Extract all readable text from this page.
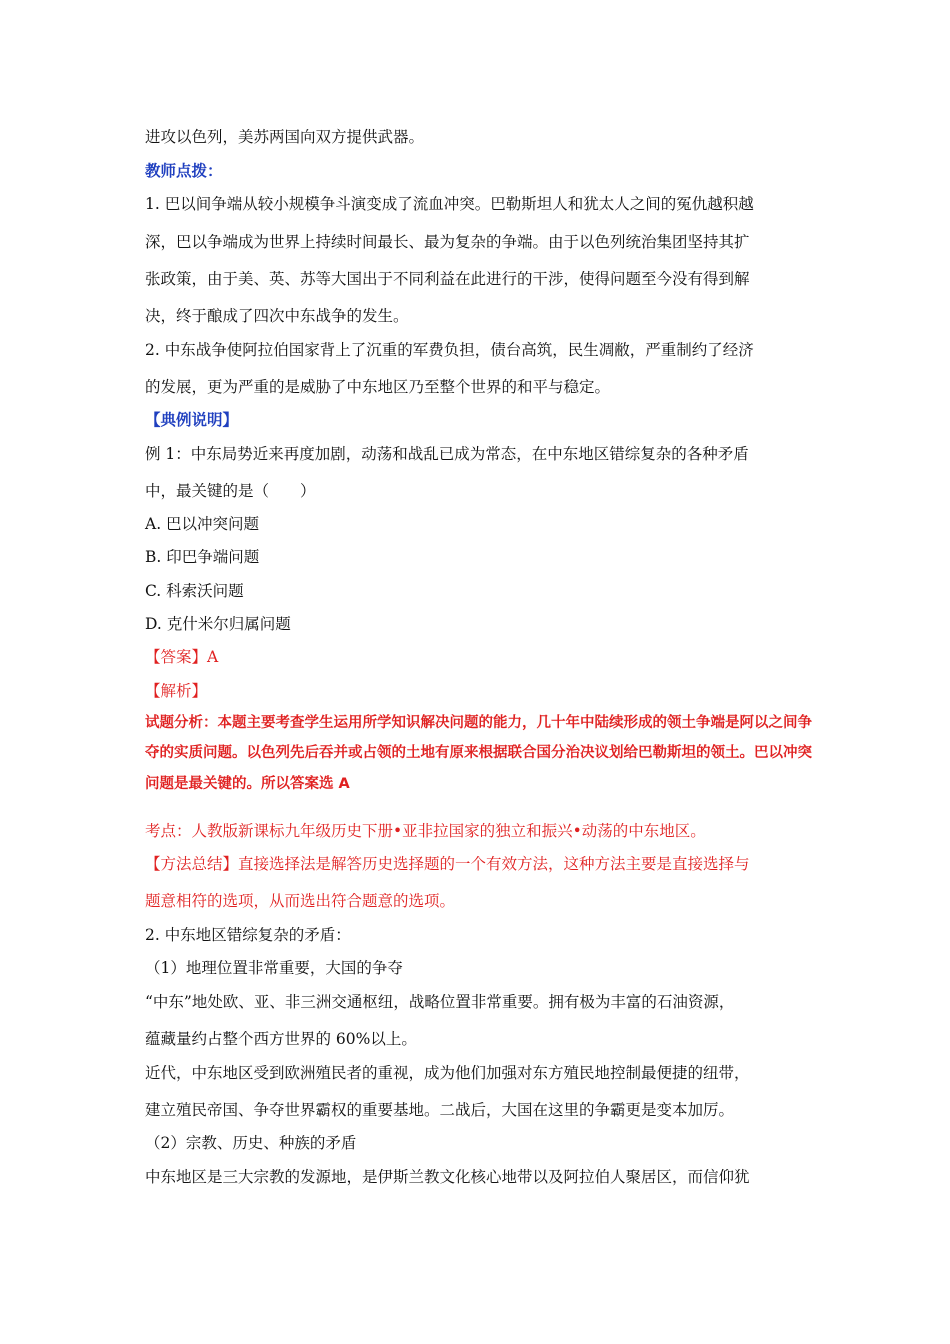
进攻以色列，美苏两国向双方提供武器。
教师点拨：
1. 巴以间争端从较小规模争斗演变成了流血冲突。巴勒斯坦人和犹太人之间的冤仇越积越
深，巴以争端成为世界上持续时间最长、最为复杂的争端。由于以色列统治集团坚持其扩
张政策，由于美、英、苏等大国出于不同利益在此进行的干涉，使得问题至今没有得到解
决，终于酿成了四次中东战争的发生。
2. 中东战争使阿拉伯国家背上了沉重的军费负担，债台高筑，民生凋敝，严重制约了经济
的发展，更为严重的是威胁了中东地区乃至整个世界的和平与稳定。
【典例说明】
例 1：中东局势近来再度加剧，动荡和战乱已成为常态，在中东地区错综复杂的各种矛盾
中，最关键的是（　　）
A. 巴以冲突问题
B. 印巴争端问题
C. 科索沃问题
D. 克什米尔归属问题
【答案】A
【解析】
试题分析：本题主要考查学生运用所学知识解决问题的能力，几十年中陆续形成的领土争端是阿以之间争
夺的实质问题。以色列先后吞并或占领的土地有原来根据联合国分治决议划给巴勒斯坦的领土。巴以冲突
问题是最关键的。所以答案选 A
考点：人教版新课标九年级历史下册•亚非拉国家的独立和振兴•动荡的中东地区。
【方法总结】直接选择法是解答历史选择题的一个有效方法，这种方法主要是直接选择与
题意相符的选项，从而选出符合题意的选项。
2. 中东地区错综复杂的矛盾：
（1）地理位置非常重要，大国的争夺
“中东”地处欧、亚、非三洲交通枢纽，战略位置非常重要。拥有极为丰富的石油资源，
蕴藏量约占整个西方世界的 60%以上。
近代，中东地区受到欧洲殖民者的重视，成为他们加强对东方殖民地控制最便捷的纽带，
建立殖民帝国、争夺世界霸权的重要基地。二战后，大国在这里的争霸更是变本加厉。
（2）宗教、历史、种族的矛盾
中东地区是三大宗教的发源地，是伊斯兰教文化核心地带以及阿拉伯人聚居区，而信仰犹
